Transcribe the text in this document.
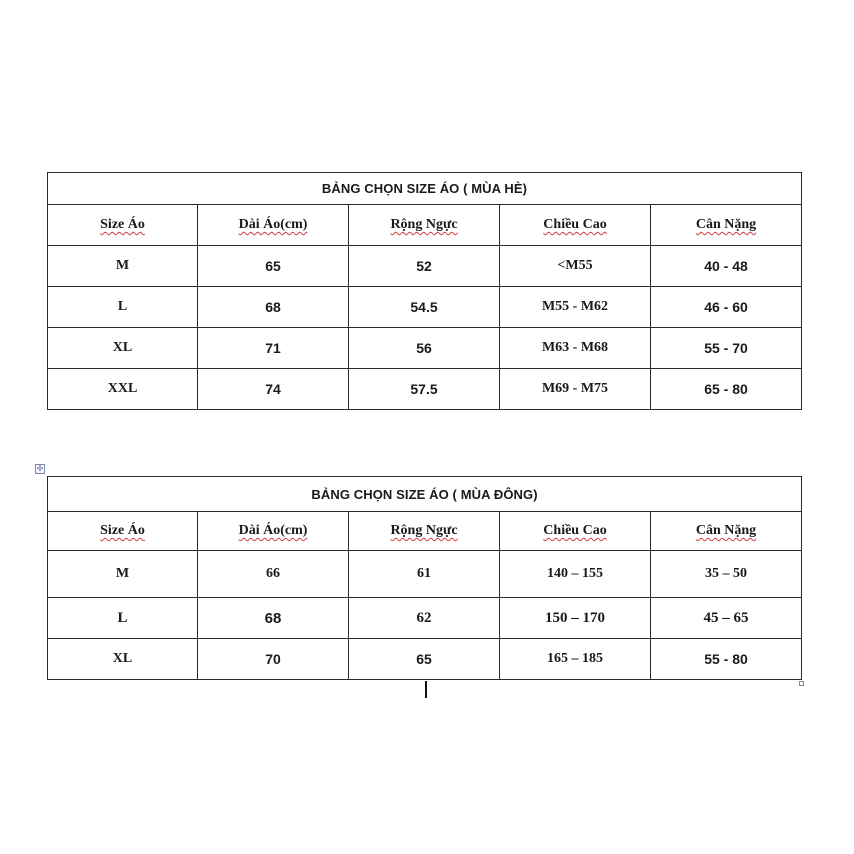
BẢNG CHỌN SIZE ÁO ( MÙA HÈ)				
Size Áo	Dài Áo(cm)	Rộng Ngực	Chiều Cao	Cân Nặng
M	65	52	<M55	40 - 48
L	68	54.5	M55 - M62	46 - 60
XL	71	56	M63 - M68	55 - 70
XXL	74	57.5	M69 - M75	65 - 80
✣
BẢNG CHỌN SIZE ÁO ( MÙA ĐÔNG)				
Size Áo	Dài Áo(cm)	Rộng Ngực	Chiều Cao	Cân Nặng
M	66	61	140 – 155	35 – 50
L	68	62	150 – 170	45 – 65
XL	70	65	165 – 185	55 - 80
